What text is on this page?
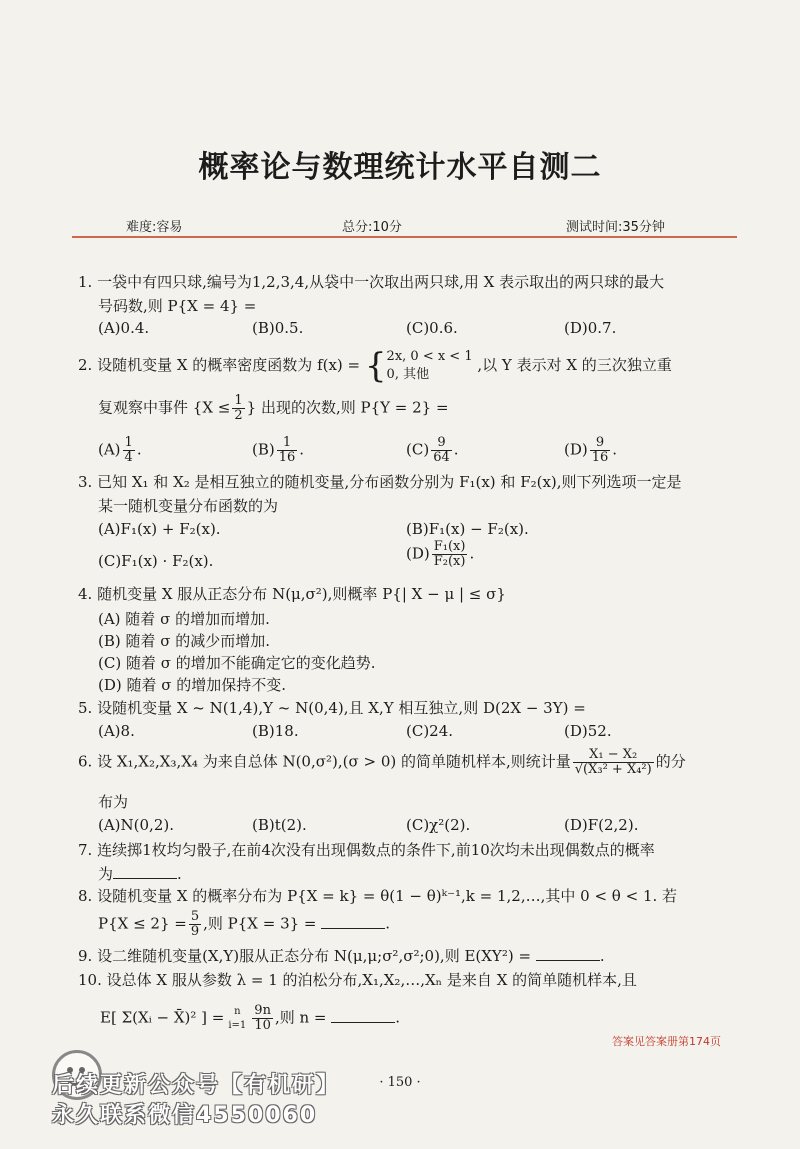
概率论与数理统计水平自测二
难度:容易	总分:10分	测试时间:35分钟
1. 一袋中有四只球,编号为1,2,3,4,从袋中一次取出两只球,用 X 表示取出的两只球的最大
号码数,则 P{X = 4} =
(A)0.4.	(B)0.5.	(C)0.6.	(D)0.7.
2. 设随机变量 X 的概率密度函数为 f(x) = { 2x, 0 < x < 1
0, 其他
,以 Y 表示对 X 的三次独立重
复观察中事件 {$X \le \frac{1}{2}$ } 出现的次数,则 P{Y = 2} =
$(A) \frac{1}{4}$ .	$(B) \frac{1}{16}$ .	$(C) \frac{9}{64}$ .	$(D) \frac{9}{16}$ .
3. 已知 X₁ 和 X₂ 是相互独立的随机变量,分布函数分别为 F₁(x) 和 F₂(x),则下列选项一定是
某一随机变量分布函数的为
(A)F₁(x) + F₂(x).	(B)F₁(x) − F₂(x).
(C)F₁(x) · F₂(x).	$(D) \frac{\text{F₁(x)}}{\text{F₂(x)}}$ .
4. 随机变量 X 服从正态分布 N(μ,σ²),则概率 P{| X − μ | ≤ σ}
(A) 随着 σ 的增加而增加.
(B) 随着 σ 的减少而增加.
(C) 随着 σ 的增加不能确定它的变化趋势.
(D) 随着 σ 的增加保持不变.
5. 设随机变量 X ~ N(1,4),Y ~ N(0,4),且 X,Y 相互独立,则 D(2X − 3Y) =
(A)8.	(B)18.	(C)24.	(D)52.
6. 设 X₁,X₂,X₃,X₄ 为来自总体 N(0,σ²),(σ > 0) 的简单随机样本,则统计量 $\frac{\text{X₁ − X₂}}{\text{√(X₃² + X₄²)}}$ 的分
布为
(A)N(0,2).	(B)t(2).	(C)χ²(2).	(D)F(2,2).
7. 连续掷1枚均匀骰子,在前4次没有出现偶数点的条件下,前10次均未出现偶数点的概率
为	.
8. 设随机变量 X 的概率分布为 P{X = k} = θ(1 − θ)ᵏ⁻¹,k = 1,2,…,其中 0 < θ < 1. 若
$P\{X \le 2\} = \frac{5}{9}$ ,则 P{X = 3} =	.
9. 设二维随机变量(X,Y)服从正态分布 N(μ,μ;σ²,σ²;0),则 E(XY²) =	.
10. 设总体 X 服从参数 λ = 1 的泊松分布,X₁,X₂,…,Xₙ 是来自 X 的简单随机样本,且
E[ Σ(Xᵢ − X̄)² ] = n
$i=1 \frac{9n}{10}$ ,则 n =	.
答案见答案册第174页
· 150 ·
后续更新公众号【有机研】
永久联系微信4550060
